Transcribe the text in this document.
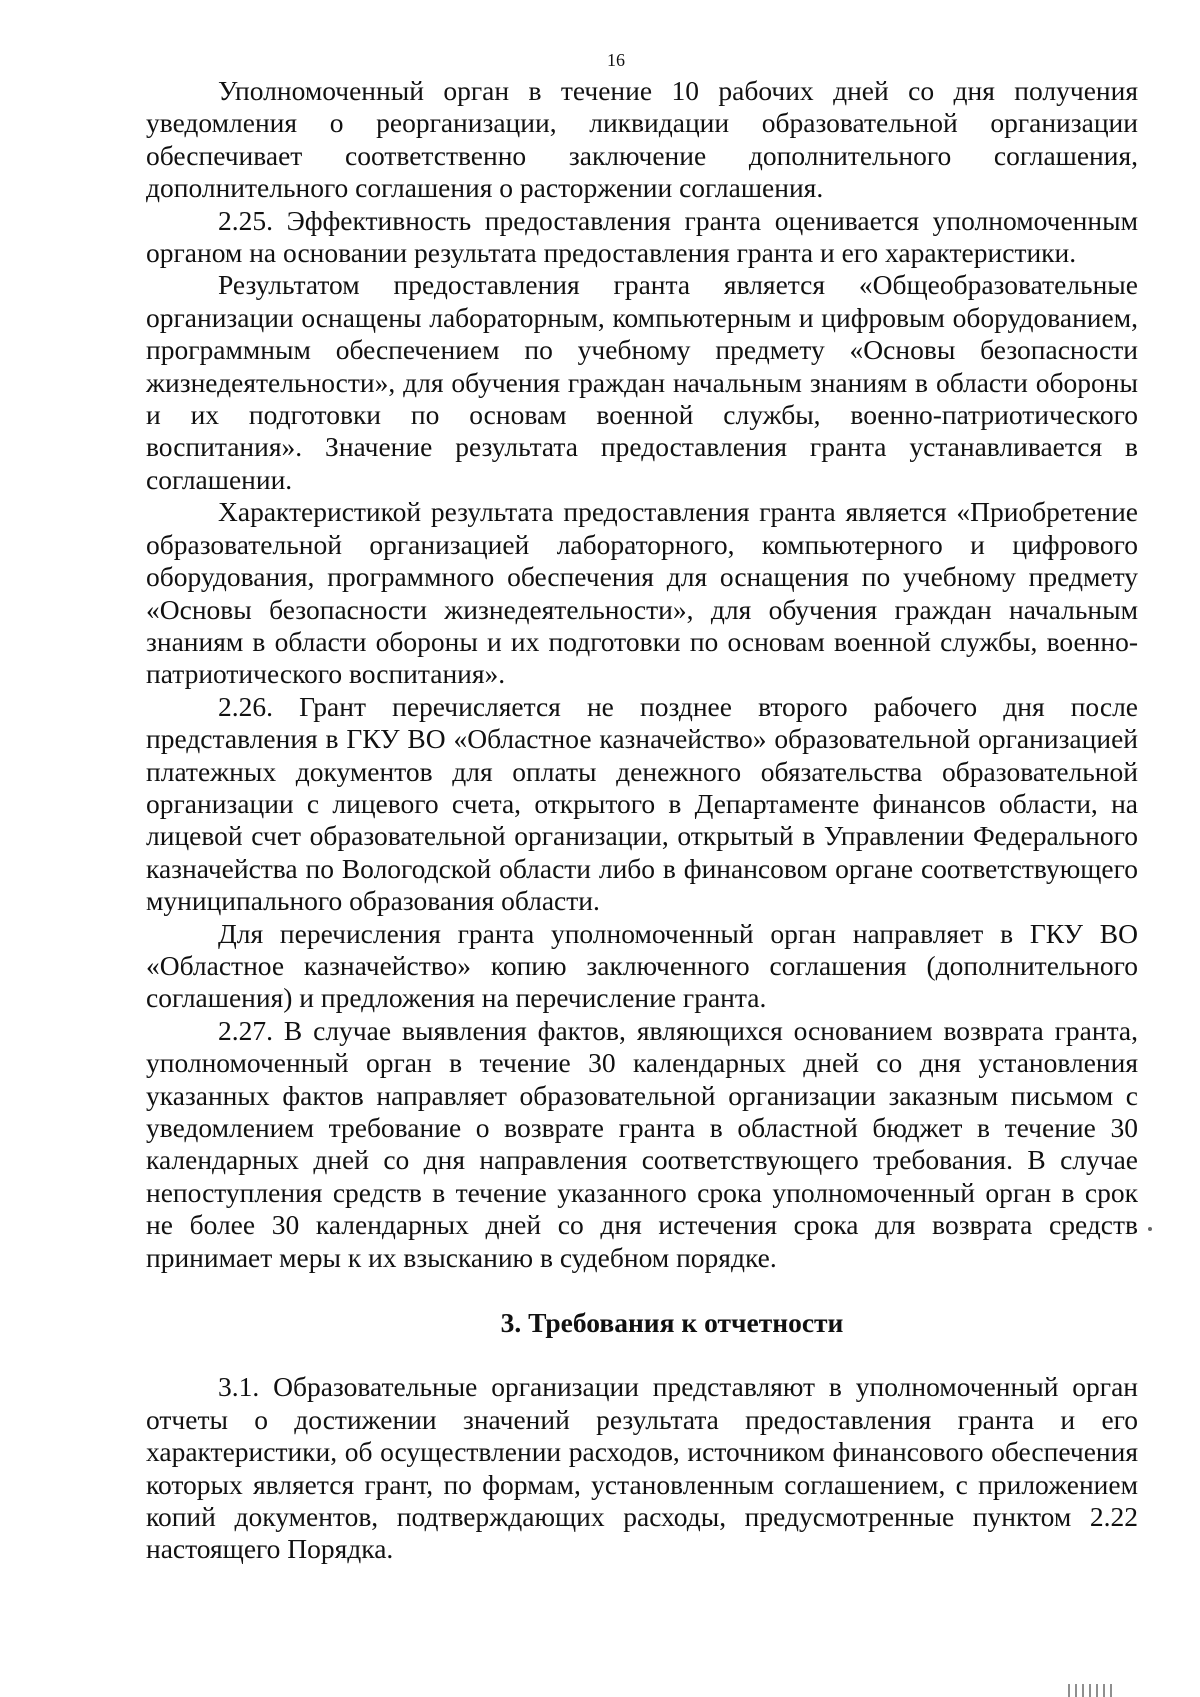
16

Уполномоченный орган в течение 10 рабочих дней со дня получения уведомления о реорганизации, ликвидации образовательной организации обеспечивает соответственно заключение дополнительного соглашения, дополнительного соглашения о расторжении соглашения.

2.25. Эффективность предоставления гранта оценивается уполномоченным органом на основании результата предоставления гранта и его характеристики.

Результатом предоставления гранта является «Общеобразовательные организации оснащены лабораторным, компьютерным и цифровым оборудованием, программным обеспечением по учебному предмету «Основы безопасности жизнедеятельности», для обучения граждан начальным знаниям в области обороны и их подготовки по основам военной службы, военно-патриотического воспитания». Значение результата предоставления гранта устанавливается в соглашении.

Характеристикой результата предоставления гранта является «Приобретение образовательной организацией лабораторного, компьютерного и цифрового оборудования, программного обеспечения для оснащения по учебному предмету «Основы безопасности жизнедеятельности», для обучения граждан начальным знаниям в области обороны и их подготовки по основам военной службы, военно-патриотического воспитания».

2.26. Грант перечисляется не позднее второго рабочего дня после представления в ГКУ ВО «Областное казначейство» образовательной организацией платежных документов для оплаты денежного обязательства образовательной организации с лицевого счета, открытого в Департаменте финансов области, на лицевой счет образовательной организации, открытый в Управлении Федерального казначейства по Вологодской области либо в финансовом органе соответствующего муниципального образования области.

Для перечисления гранта уполномоченный орган направляет в ГКУ ВО «Областное казначейство» копию заключенного соглашения (дополнительного соглашения) и предложения на перечисление гранта.

2.27. В случае выявления фактов, являющихся основанием возврата гранта, уполномоченный орган в течение 30 календарных дней со дня установления указанных фактов направляет образовательной организации заказным письмом с уведомлением требование о возврате гранта в областной бюджет в течение 30 календарных дней со дня направления соответствующего требования. В случае непоступления средств в течение указанного срока уполномоченный орган в срок не более 30 календарных дней со дня истечения срока для возврата средств принимает меры к их взысканию в судебном порядке.

3. Требования к отчетности

3.1. Образовательные организации представляют в уполномоченный орган отчеты о достижении значений результата предоставления гранта и его характеристики, об осуществлении расходов, источником финансового обеспечения которых является грант, по формам, установленным соглашением, с приложением копий документов, подтверждающих расходы, предусмотренные пунктом 2.22 настоящего Порядка.
